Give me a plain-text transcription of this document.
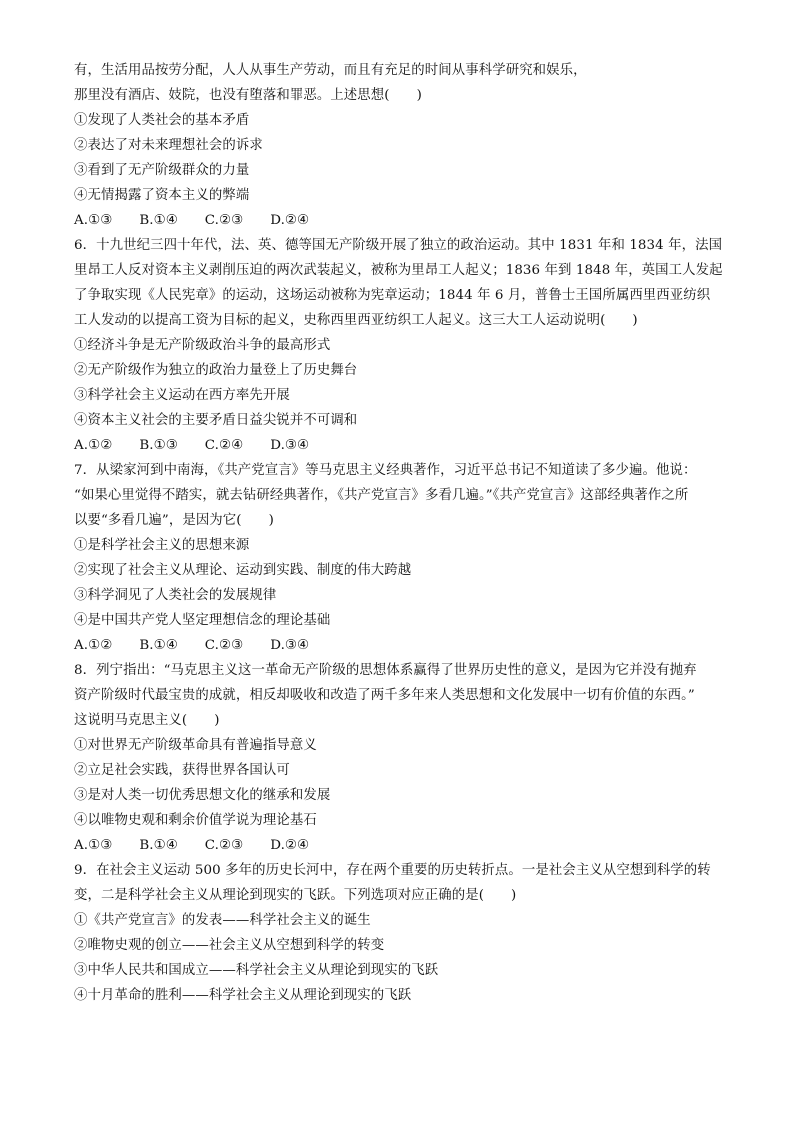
有，生活用品按劳分配，人人从事生产劳动，而且有充足的时间从事科学研究和娱乐，
那里没有酒店、妓院，也没有堕落和罪恶。上述思想(　　)
①发现了人类社会的基本矛盾
②表达了对未来理想社会的诉求
③看到了无产阶级群众的力量
④无情揭露了资本主义的弊端
A.①③　　B.①④　　C.②③　　D.②④
6．十九世纪三四十年代，法、英、德等国无产阶级开展了独立的政治运动。其中 1831 年和 1834 年，法国
里昂工人反对资本主义剥削压迫的两次武装起义，被称为里昂工人起义；1836 年到 1848 年，英国工人发起
了争取实现《人民宪章》的运动，这场运动被称为宪章运动；1844 年 6 月，普鲁士王国所属西里西亚纺织
工人发动的以提高工资为目标的起义，史称西里西亚纺织工人起义。这三大工人运动说明(　　)
①经济斗争是无产阶级政治斗争的最高形式
②无产阶级作为独立的政治力量登上了历史舞台
③科学社会主义运动在西方率先开展
④资本主义社会的主要矛盾日益尖锐并不可调和
A.①②　　B.①③　　C.②④　　D.③④
7．从梁家河到中南海，《共产党宣言》等马克思主义经典著作，习近平总书记不知道读了多少遍。他说：
“如果心里觉得不踏实，就去钻研经典著作，《共产党宣言》多看几遍。”《共产党宣言》这部经典著作之所
以要“多看几遍”，是因为它(　　)
①是科学社会主义的思想来源
②实现了社会主义从理论、运动到实践、制度的伟大跨越
③科学洞见了人类社会的发展规律
④是中国共产党人坚定理想信念的理论基础
A.①②　　B.①④　　C.②③　　D.③④
8．列宁指出：“马克思主义这一革命无产阶级的思想体系赢得了世界历史性的意义，是因为它并没有抛弃
资产阶级时代最宝贵的成就，相反却吸收和改造了两千多年来人类思想和文化发展中一切有价值的东西。”
这说明马克思主义(　　)
①对世界无产阶级革命具有普遍指导意义
②立足社会实践，获得世界各国认可
③是对人类一切优秀思想文化的继承和发展
④以唯物史观和剩余价值学说为理论基石
A.①③　　B.①④　　C.②③　　D.②④
9．在社会主义运动 500 多年的历史长河中，存在两个重要的历史转折点。一是社会主义从空想到科学的转
变，二是科学社会主义从理论到现实的飞跃。下列选项对应正确的是(　　)
①《共产党宣言》的发表——科学社会主义的诞生
②唯物史观的创立——社会主义从空想到科学的转变
③中华人民共和国成立——科学社会主义从理论到现实的飞跃
④十月革命的胜利——科学社会主义从理论到现实的飞跃
